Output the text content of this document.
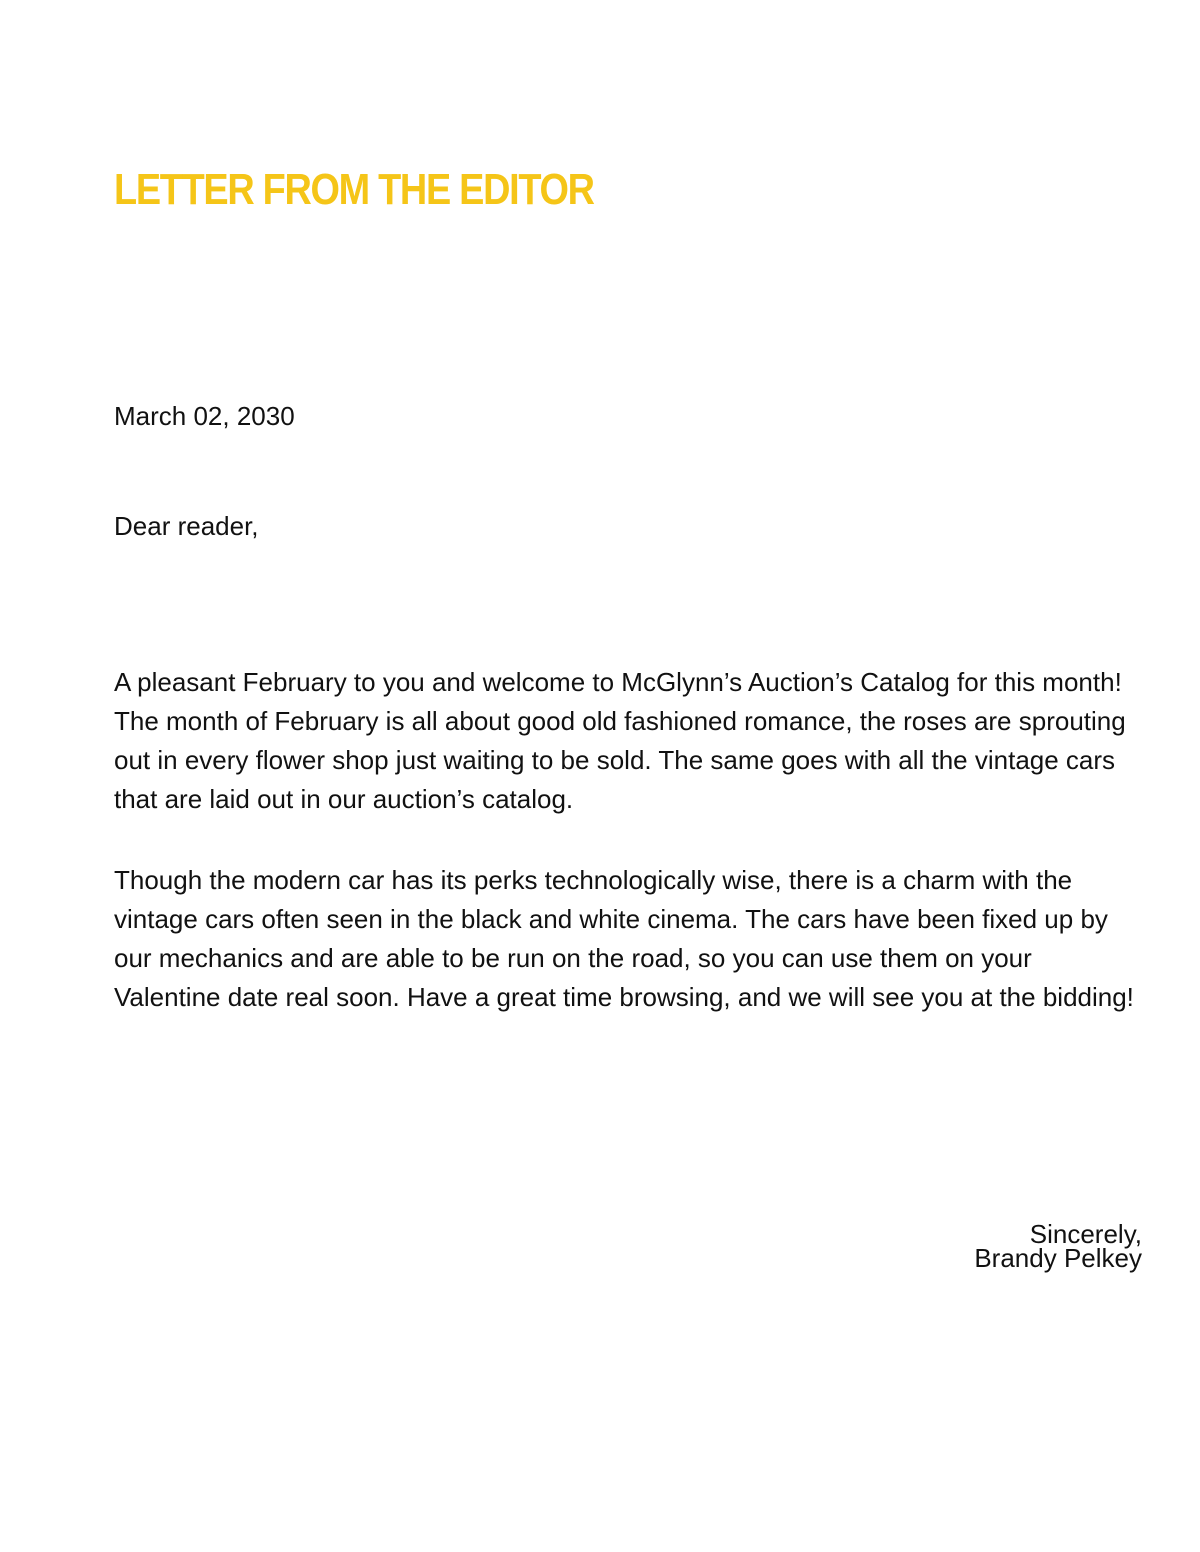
LETTER FROM THE EDITOR

March 02, 2030

Dear reader,

A pleasant February to you and welcome to McGlynn’s Auction’s Catalog for this month! The month of February is all about good old fashioned romance, the roses are sprouting out in every flower shop just waiting to be sold. The same goes with all the vintage cars that are laid out in our auction’s catalog.

Though the modern car has its perks technologically wise, there is a charm with the vintage cars often seen in the black and white cinema. The cars have been fixed up by our mechanics and are able to be run on the road, so you can use them on your Valentine date real soon. Have a great time browsing, and we will see you at the bidding!

Sincerely,
Brandy Pelkey
